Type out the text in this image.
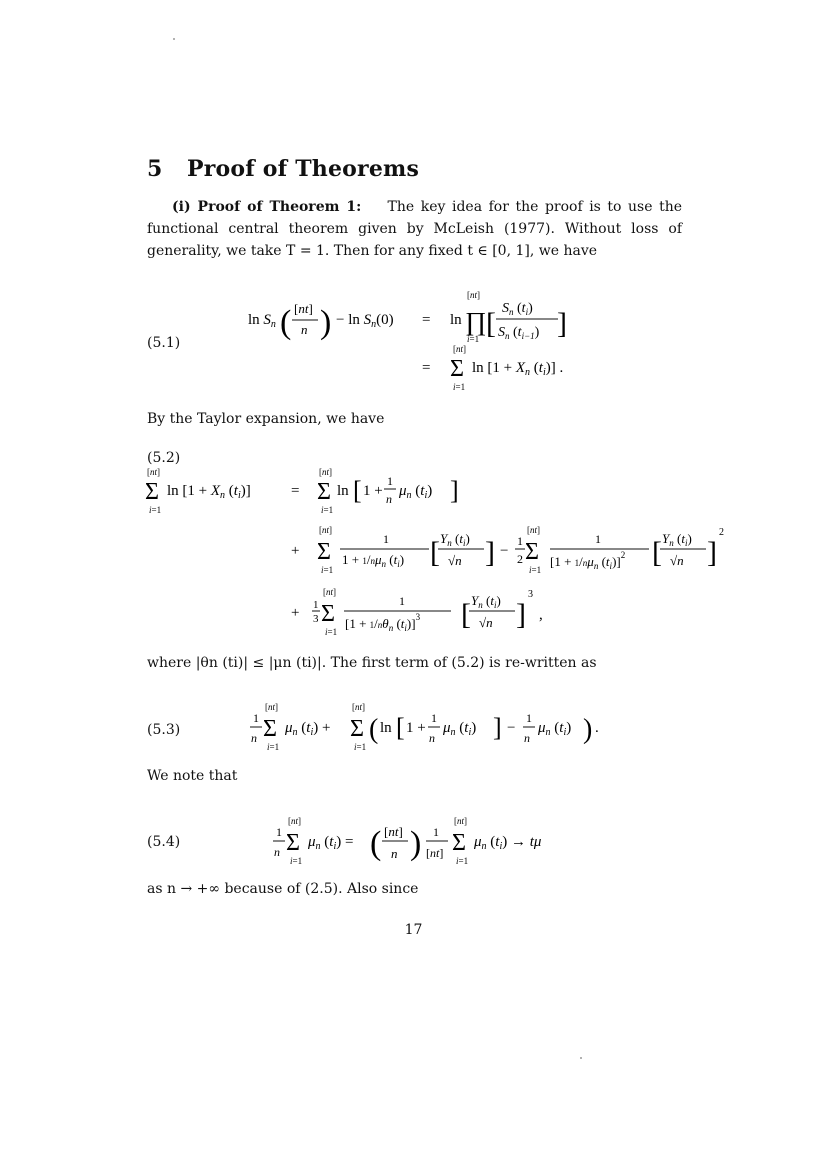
5 Proof of Theorems
(i) Proof of Theorem 1: The key idea for the proof is to use the functional central theorem given by McLeish (1977). Without loss of generality, we take T = 1. Then for any fixed t ∈ [0, 1], we have
(5.1)
$\ln S_n$ ( [nt]
n ) − $\ln S_n(0) = \ln$
[nt]
∏
i=1 [ $S_n$ $(t_i)$
$S_n$ $(t_{i-1})$ ]
=
[nt]
Σ
i=1
$\ln [1 + X_n$ $(t_i)$] .
By the Taylor expansion, we have
(5.2)
[nt]
Σ
i=1
$\ln [1 + X_n$ $(t_i)$]	=
[nt]
Σ
i=1
ln [ 1 +
1
n $\mu_n$ $(t_i)$ ]
+
[nt]
Σ
i=1
1
$1 + 1/n\mu_n$ $(t_i)$ [ $Y_n$ $(t_i)$
√n ] −
1
2
[nt]
Σ
i=1
1
[$1 + 1/n\mu_n$ $(t_i)]^2$ [ $Y_n$ $(t_i)$
√n ]
2
+ 1
3
[nt]
Σ
i=1
1
[$1 + 1/n\theta_n$ $(t_i)]^3$ [ $Y_n$ $(t_i)$
√n ]
3
,
where |θn (ti)| ≤ |μn (ti)|. The first term of (5.2) is re-written as
(5.3)
1
n
[nt]
Σ
i=1
$\mu_n$ $(t_i)$ +
[nt]
Σ
i=1
( ln [ 1 +
1
n
$\mu_n$ $(t_i)$ ] −
1
n
$\mu_n$ $(t_i)$ ) .
We note that
(5.4)
1
n
[nt]
Σ
i=1
$\mu_n$ $(t_i)$ = ( [nt]
n ) 1
[nt]
[nt]
Σ
i=1
$\mu_n$ $(t_i) \to t\mu$
as n → +∞ because of (2.5). Also since
17
